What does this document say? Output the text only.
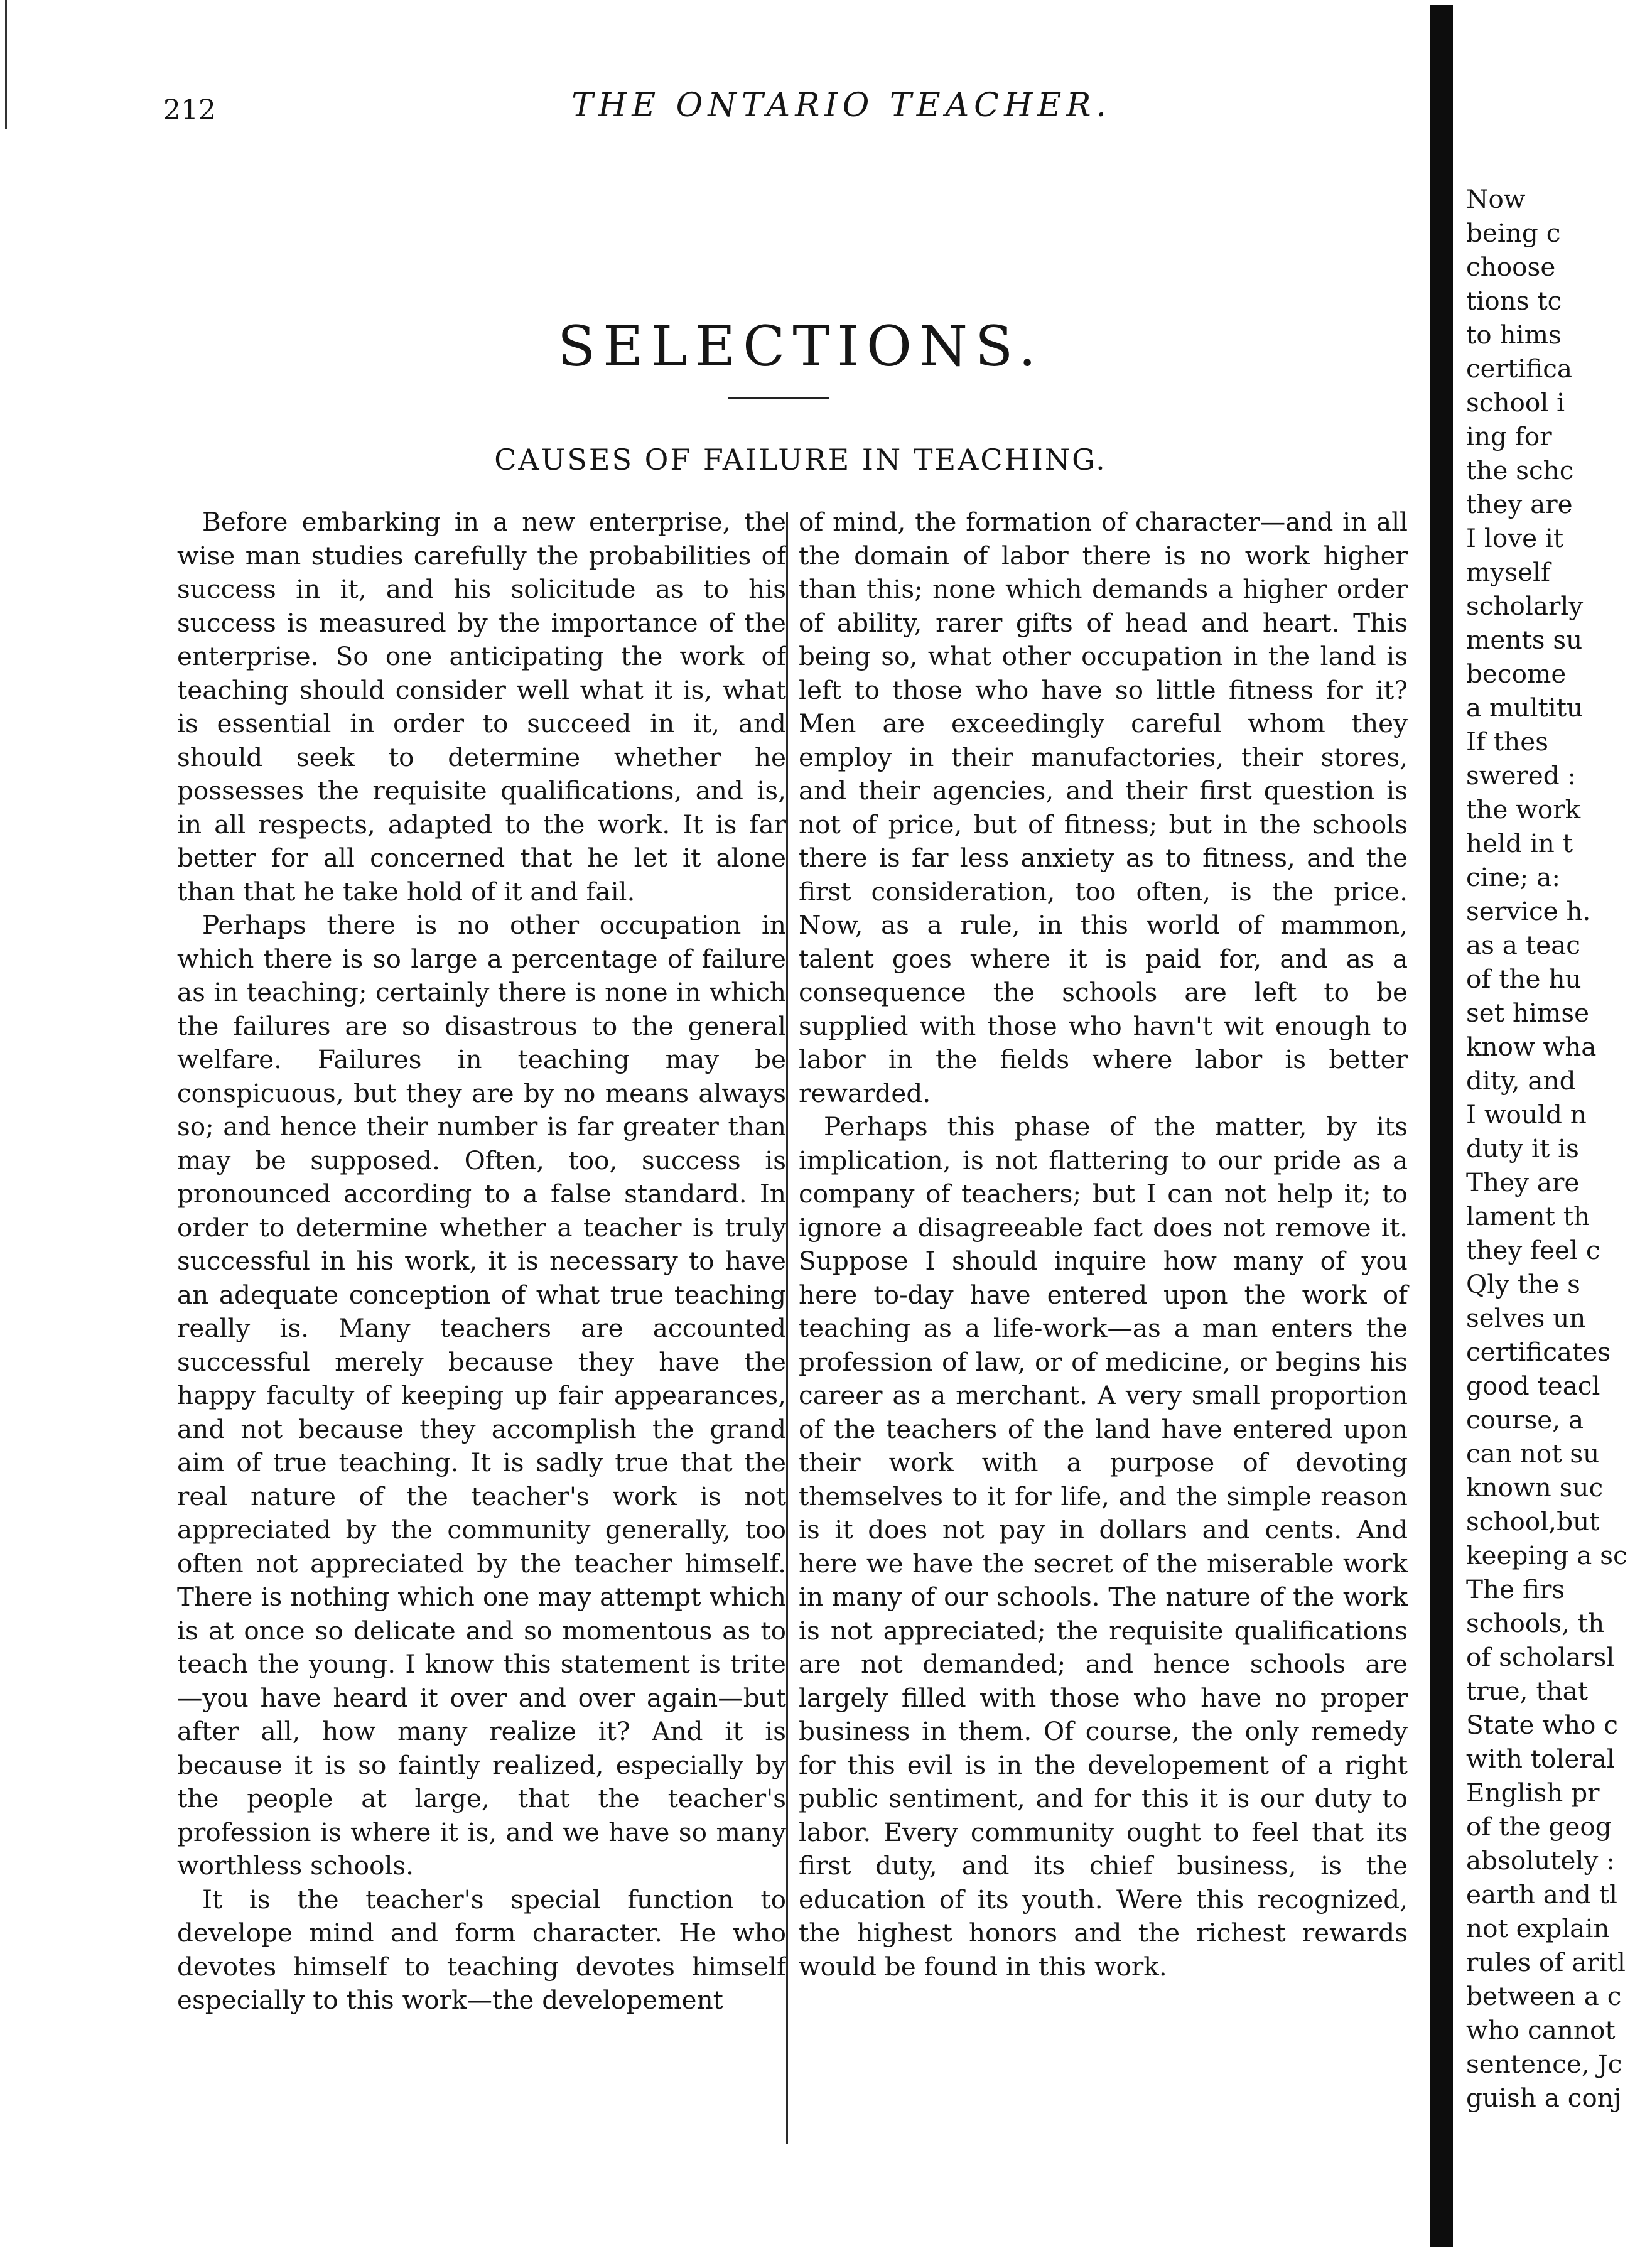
212	THE ONTARIO TEACHER.
SELECTIONS.
CAUSES OF FAILURE IN TEACHING.

Before embarking in a new enterprise, the wise man studies carefully the probabilities of success in it, and his solicitude as to his success is measured by the importance of the enterprise. So one anticipating the work of teaching should consider well what it is, what is essential in order to succeed in it, and should seek to determine whether he possesses the requisite qualifications, and is, in all respects, adapted to the work. It is far better for all concerned that he let it alone than that he take hold of it and fail.

Perhaps there is no other occupation in which there is so large a percentage of failure as in teaching; certainly there is none in which the failures are so disastrous to the general welfare. Failures in teaching may be conspicuous, but they are by no means always so; and hence their number is far greater than may be supposed. Often, too, success is pronounced according to a false standard. In order to determine whether a teacher is truly successful in his work, it is necessary to have an adequate conception of what true teaching really is. Many teachers are accounted successful merely because they have the happy faculty of keeping up fair appearances, and not because they accomplish the grand aim of true teaching. It is sadly true that the real nature of the teacher's work is not appreciated by the community generally, too often not appreciated by the teacher himself. There is nothing which one may attempt which is at once so delicate and so momentous as to teach the young. I know this statement is trite—you have heard it over and over again—but after all, how many realize it? And it is because it is so faintly realized, especially by the people at large, that the teacher's profession is where it is, and we have so many worthless schools.

It is the teacher's special function to develope mind and form character. He who devotes himself to teaching devotes himself especially to this work—the developement

of mind, the formation of character—and in all the domain of labor there is no work higher than this; none which demands a higher order of ability, rarer gifts of head and heart. This being so, what other occupation in the land is left to those who have so little fitness for it? Men are exceedingly careful whom they employ in their manufactories, their stores, and their agencies, and their first question is not of price, but of fitness; but in the schools there is far less anxiety as to fitness, and the first consideration, too often, is the price. Now, as a rule, in this world of mammon, talent goes where it is paid for, and as a consequence the schools are left to be supplied with those who havn't wit enough to labor in the fields where labor is better rewarded.

Perhaps this phase of the matter, by its implication, is not flattering to our pride as a company of teachers; but I can not help it; to ignore a disagreeable fact does not remove it. Suppose I should inquire how many of you here to-day have entered upon the work of teaching as a life-work—as a man enters the profession of law, or of medicine, or begins his career as a merchant. A very small proportion of the teachers of the land have entered upon their work with a purpose of devoting themselves to it for life, and the simple reason is it does not pay in dollars and cents. And here we have the secret of the miserable work in many of our schools. The nature of the work is not appreciated; the requisite qualifications are not demanded; and hence schools are largely filled with those who have no proper business in them. Of course, the only remedy for this evil is in the developement of a right public sentiment, and for this it is our duty to labor. Every community ought to feel that its first duty, and its chief business, is the education of its youth. Were this recognized, the highest honors and the richest rewards would be found in this work.

Now
being c
choose
tions tc
to hims
certifica
school i
ing for
the schc
they are
I love it
myself
scholarly
ments su
become
a multitu
If thes
swered :
the work
held in t
cine; a:
service h.
as a teac
of the hu
set himse
know wha
dity, and
I would n
duty it is
They are
lament th
they feel c
Qly the s
selves un
certificates
good teacl
course, a
can not su
known suc
school,but
keeping a sc
The firs
schools, th
of scholarsl
true, that
State who c
with toleral
English pr
of the geog
absolutely :
earth and tl
not explain
rules of aritl
between a c
who cannot
sentence, Jc
guish a conj
